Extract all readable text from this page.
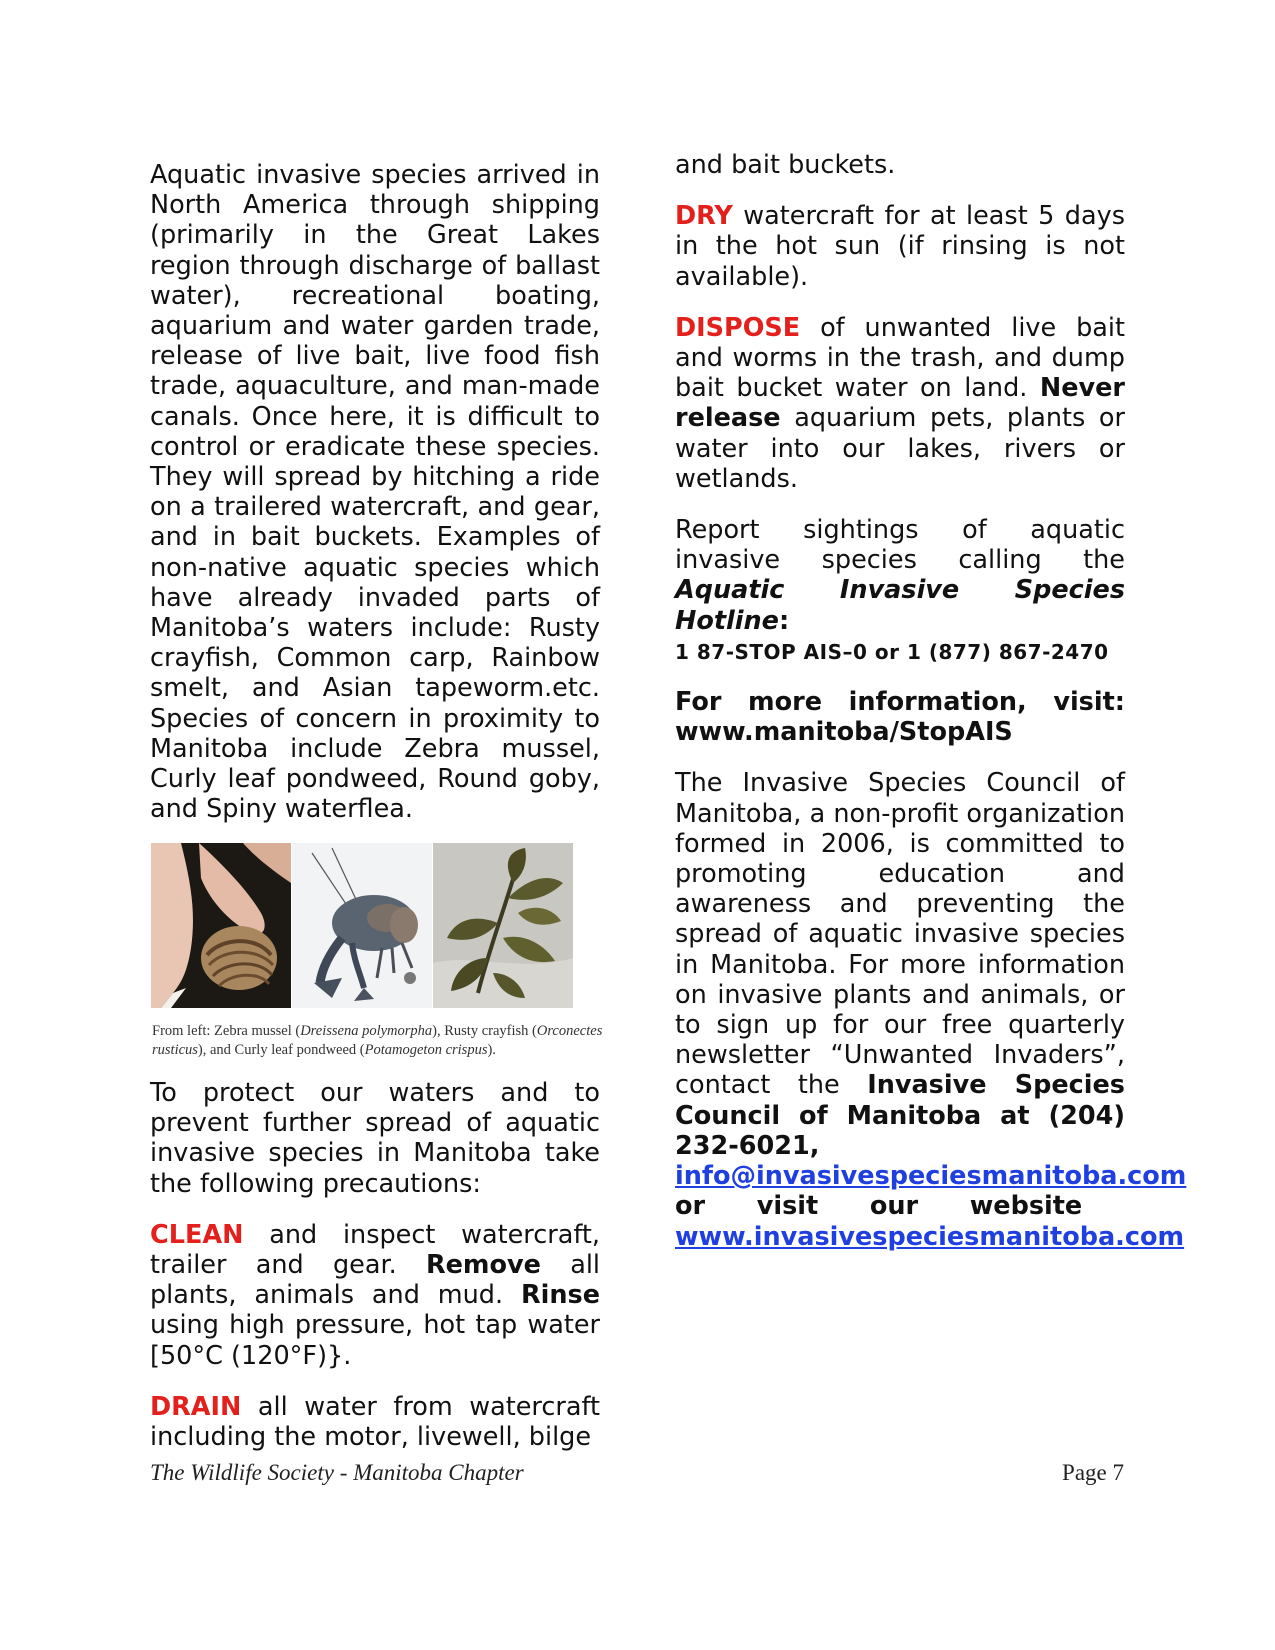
Aquatic invasive species arrived in North America through shipping (primarily in the Great Lakes region through discharge of ballast water), recreational boating, aquarium and water garden trade, release of live bait, live food fish trade, aquaculture, and man-made canals. Once here, it is difficult to control or eradicate these species. They will spread by hitching a ride on a trailered watercraft, and gear, and in bait buckets. Examples of non-native aquatic species which have already invaded parts of Manitoba’s waters include: Rusty crayfish, Common carp, Rainbow smelt, and Asian tapeworm.etc. Species of concern in proximity to Manitoba include Zebra mussel, Curly leaf pondweed, Round goby, and Spiny waterflea.

From left: Zebra mussel (Dreissena polymorpha), Rusty crayfish (Orconectes rusticus), and Curly leaf pondweed (Potamogeton crispus).

To protect our waters and to prevent further spread of aquatic invasive species in Manitoba take the following precautions:

CLEAN and inspect watercraft, trailer and gear. Remove all plants, animals and mud. Rinse using high pressure, hot tap water [50°C (120°F)}.

DRAIN all water from watercraft including the motor, livewell, bilge

and bait buckets.

DRY watercraft for at least 5 days in the hot sun (if rinsing is not available).

DISPOSE of unwanted live bait and worms in the trash, and dump bait bucket water on land. Never release aquarium pets, plants or water into our lakes, rivers or wetlands.

Report sightings of aquatic invasive species calling the Aquatic Invasive Species Hotline:
1 87-STOP AIS–0 or 1 (877) 867-2470

For more information, visit: www.manitoba/StopAIS

The Invasive Species Council of Manitoba, a non-profit organization formed in 2006, is committed to promoting education and awareness and preventing the spread of aquatic invasive species in Manitoba. For more information on invasive plants and animals, or to sign up for our free quarterly newsletter “Unwanted Invaders”, contact the Invasive Species Council of Manitoba at (204) 232-6021, info@invasivespeciesmanitoba.com or visit our website www.invasivespeciesmanitoba.com

The Wildlife Society - Manitoba Chapter	Page 7
